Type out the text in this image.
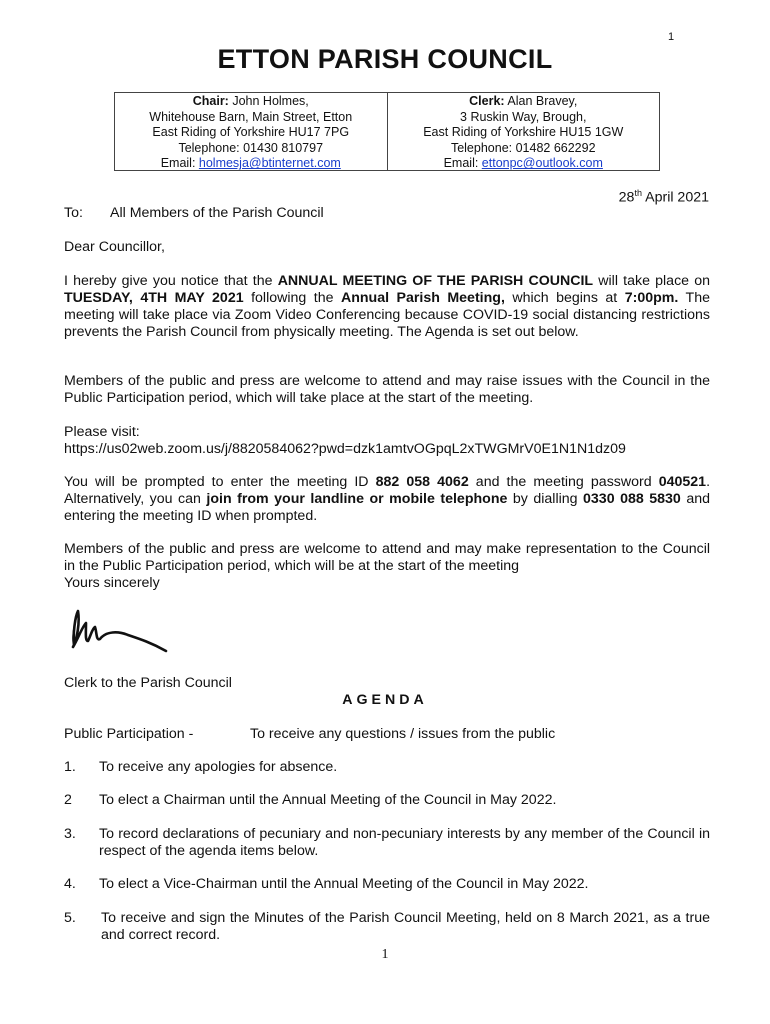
1
ETTON PARISH COUNCIL
Chair: John Holmes,
Whitehouse Barn, Main Street, Etton
East Riding of Yorkshire HU17 7PG
Telephone: 01430 810797
Email: holmesja@btinternet.com
Clerk: Alan Bravey,
3 Ruskin Way, Brough,
East Riding of Yorkshire HU15 1GW
Telephone: 01482 662292
Email: ettonpc@outlook.com
28th April 2021
To: All Members of the Parish Council
Dear Councillor,
I hereby give you notice that the ANNUAL MEETING OF THE PARISH COUNCIL will take place on TUESDAY, 4TH MAY 2021 following the Annual Parish Meeting, which begins at 7:00pm. The meeting will take place via Zoom Video Conferencing because COVID-19 social distancing restrictions prevents the Parish Council from physically meeting. The Agenda is set out below.
Members of the public and press are welcome to attend and may raise issues with the Council in the Public Participation period, which will take place at the start of the meeting.
Please visit:
https://us02web.zoom.us/j/8820584062?pwd=dzk1amtvOGpqL2xTWGMrV0E1N1N1dz09
You will be prompted to enter the meeting ID 882 058 4062 and the meeting password 040521. Alternatively, you can join from your landline or mobile telephone by dialling 0330 088 5830 and entering the meeting ID when prompted.
Members of the public and press are welcome to attend and may make representation to the Council in the Public Participation period, which will be at the start of the meeting
Yours sincerely
Clerk to the Parish Council
AGENDA
Public Participation -	To receive any questions / issues from the public
1. To receive any apologies for absence.
2 To elect a Chairman until the Annual Meeting of the Council in May 2022.
3. To record declarations of pecuniary and non-pecuniary interests by any member of the Council in respect of the agenda items below.
4. To elect a Vice-Chairman until the Annual Meeting of the Council in May 2022.
5. To receive and sign the Minutes of the Parish Council Meeting, held on 8 March 2021, as a true and correct record.
1
